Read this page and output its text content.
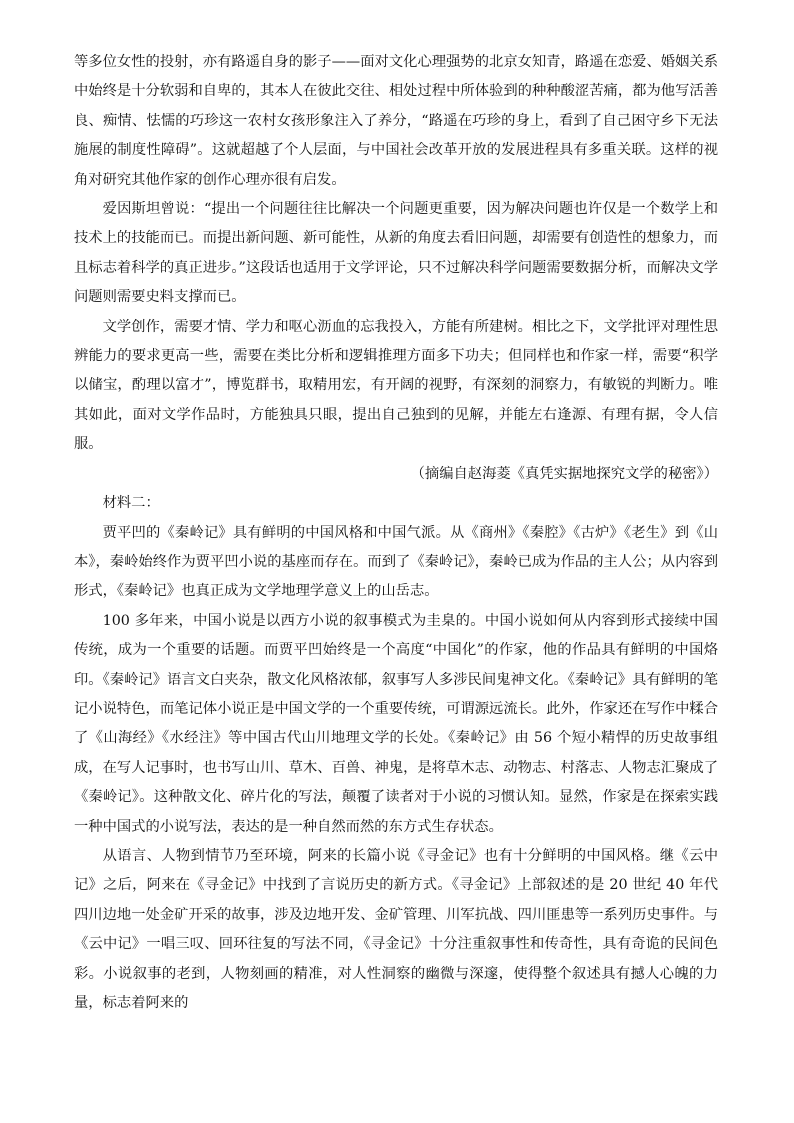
等多位女性的投射，亦有路遥自身的影子——面对文化心理强势的北京女知青，路遥在恋爱、婚姻关系中始终是十分软弱和自卑的，其本人在彼此交往、相处过程中所体验到的种种酸涩苦痛，都为他写活善良、痴情、怯懦的巧珍这一农村女孩形象注入了养分，“路遥在巧珍的身上，看到了自己困守乡下无法施展的制度性障碍”。这就超越了个人层面，与中国社会改革开放的发展进程具有多重关联。这样的视角对研究其他作家的创作心理亦很有启发。

爱因斯坦曾说：“提出一个问题往往比解决一个问题更重要，因为解决问题也许仅是一个数学上和技术上的技能而已。而提出新问题、新可能性，从新的角度去看旧问题，却需要有创造性的想象力，而且标志着科学的真正进步。”这段话也适用于文学评论，只不过解决科学问题需要数据分析，而解决文学问题则需要史料支撑而已。

文学创作，需要才情、学力和呕心沥血的忘我投入，方能有所建树。相比之下，文学批评对理性思辨能力的要求更高一些，需要在类比分析和逻辑推理方面多下功夫；但同样也和作家一样，需要“积学以储宝，酌理以富才”，博览群书，取精用宏，有开阔的视野，有深刻的洞察力，有敏锐的判断力。唯其如此，面对文学作品时，方能独具只眼，提出自己独到的见解，并能左右逢源、有理有据，令人信服。

（摘编自赵海菱《真凭实据地探究文学的秘密》）

材料二：

贾平凹的《秦岭记》具有鲜明的中国风格和中国气派。从《商州》《秦腔》《古炉》《老生》到《山本》，秦岭始终作为贾平凹小说的基座而存在。而到了《秦岭记》，秦岭已成为作品的主人公；从内容到形式，《秦岭记》也真正成为文学地理学意义上的山岳志。

100 多年来，中国小说是以西方小说的叙事模式为圭臬的。中国小说如何从内容到形式接续中国传统，成为一个重要的话题。而贾平凹始终是一个高度“中国化”的作家，他的作品具有鲜明的中国烙印。《秦岭记》语言文白夹杂，散文化风格浓郁，叙事写人多涉民间鬼神文化。《秦岭记》具有鲜明的笔记小说特色，而笔记体小说正是中国文学的一个重要传统，可谓源远流长。此外，作家还在写作中糅合了《山海经》《水经注》等中国古代山川地理文学的长处。《秦岭记》由 56 个短小精悍的历史故事组成，在写人记事时，也书写山川、草木、百兽、神鬼，是将草木志、动物志、村落志、人物志汇聚成了《秦岭记》。这种散文化、碎片化的写法，颠覆了读者对于小说的习惯认知。显然，作家是在探索实践一种中国式的小说写法，表达的是一种自然而然的东方式生存状态。

从语言、人物到情节乃至环境，阿来的长篇小说《寻金记》也有十分鲜明的中国风格。继《云中记》之后，阿来在《寻金记》中找到了言说历史的新方式。《寻金记》上部叙述的是 20 世纪 40 年代四川边地一处金矿开采的故事，涉及边地开发、金矿管理、川军抗战、四川匪患等一系列历史事件。与《云中记》一唱三叹、回环往复的写法不同，《寻金记》十分注重叙事性和传奇性，具有奇诡的民间色彩。小说叙事的老到，人物刻画的精准，对人性洞察的幽微与深邃，使得整个叙述具有撼人心魄的力量，标志着阿来的
